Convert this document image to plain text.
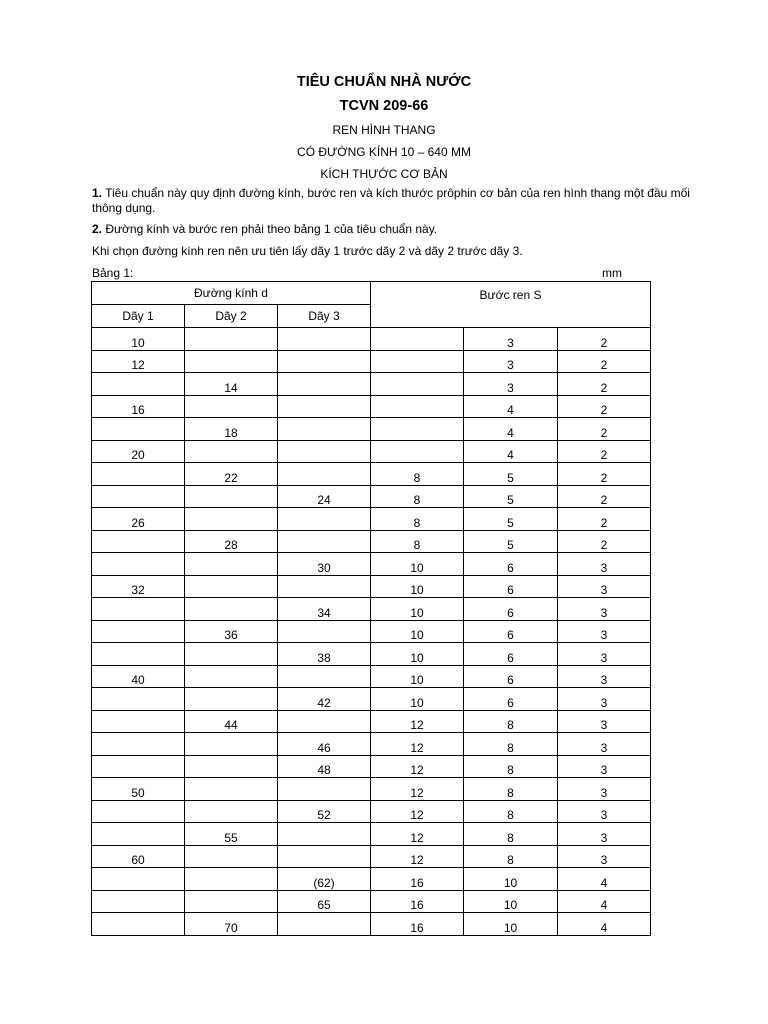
TIÊU CHUẨN NHÀ NƯỚC
TCVN 209-66
REN HÌNH THANG
CÓ ĐƯỜNG KÍNH 10 – 640 MM
KÍCH THƯỚC CƠ BẢN
1. Tiêu chuẩn này quy định đường kính, bước ren và kích thước prôphin cơ bản của ren hình thang một đầu mối thông dụng.
2. Đường kính và bước ren phải theo bảng 1 của tiêu chuẩn này.
Khi chọn đường kính ren nên ưu tiên lấy dãy 1 trước dãy 2 và dãy 2 trước dãy 3.
Bảng 1:	mm
Đường kính d			Bước ren S		
Dãy 1	Dãy 2	Dãy 3			
10				3	2
12				3	2
	14			3	2
16				4	2
	18			4	2
20				4	2
	22		8	5	2
		24	8	5	2
26			8	5	2
	28		8	5	2
		30	10	6	3
32			10	6	3
		34	10	6	3
	36		10	6	3
		38	10	6	3
40			10	6	3
		42	10	6	3
	44		12	8	3
		46	12	8	3
		48	12	8	3
50			12	8	3
		52	12	8	3
	55		12	8	3
60			12	8	3
		(62)	16	10	4
		65	16	10	4
	70		16	10	4
